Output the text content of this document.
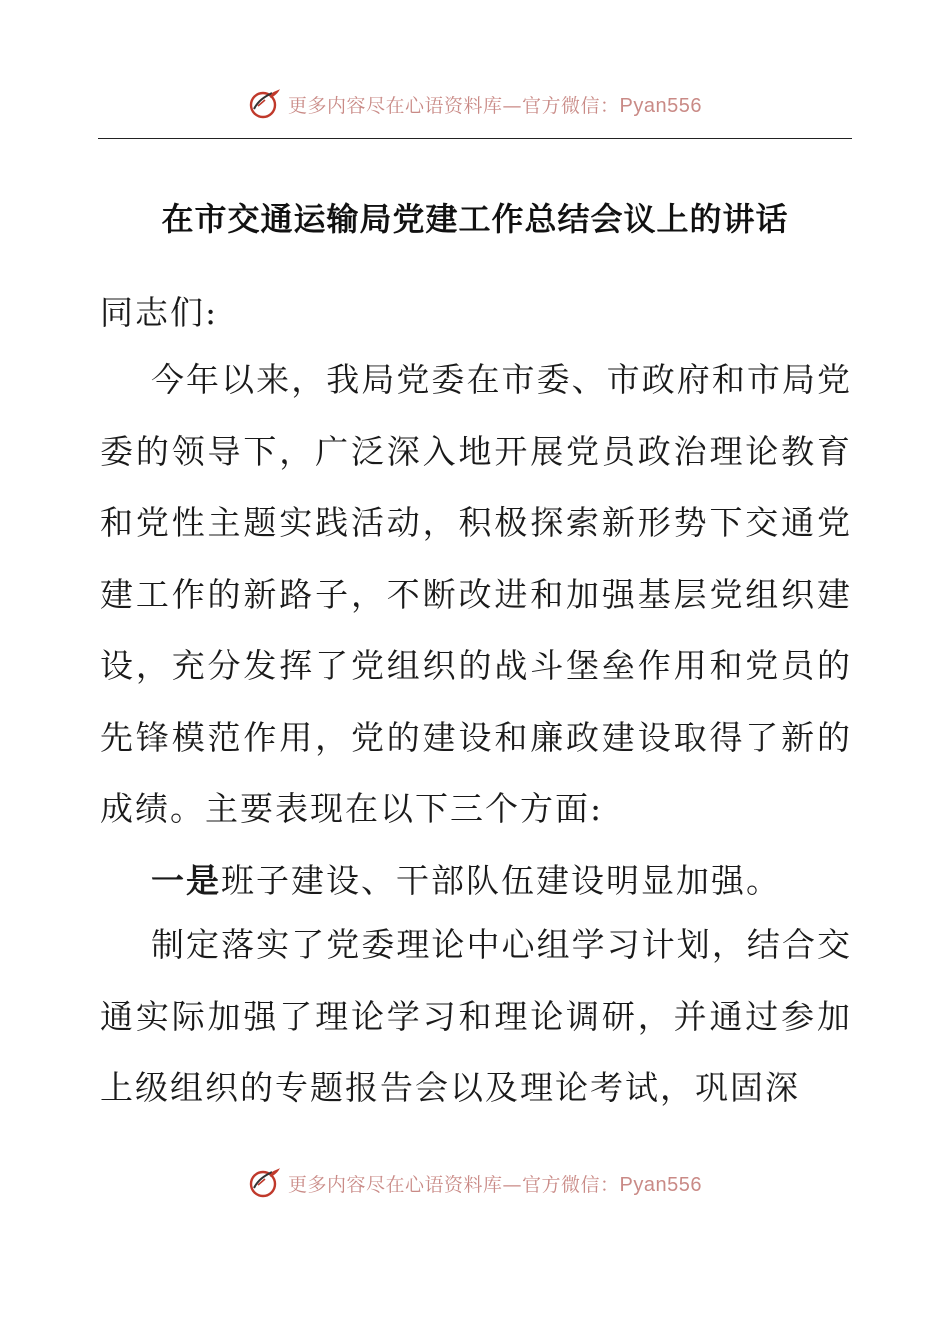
更多内容尽在心语资料库—官方微信：Pyan556
在市交通运输局党建工作总结会议上的讲话
同志们:
今年以来，我局党委在市委、市政府和市局党委的领导下，广泛深入地开展党员政治理论教育和党性主题实践活动，积极探索新形势下交通党建工作的新路子，不断改进和加强基层党组织建设，充分发挥了党组织的战斗堡垒作用和党员的先锋模范作用，党的建设和廉政建设取得了新的成绩。主要表现在以下三个方面:
一是班子建设、干部队伍建设明显加强。
制定落实了党委理论中心组学习计划，结合交通实际加强了理论学习和理论调研，并通过参加上级组织的专题报告会以及理论考试，巩固深
更多内容尽在心语资料库—官方微信：Pyan556
